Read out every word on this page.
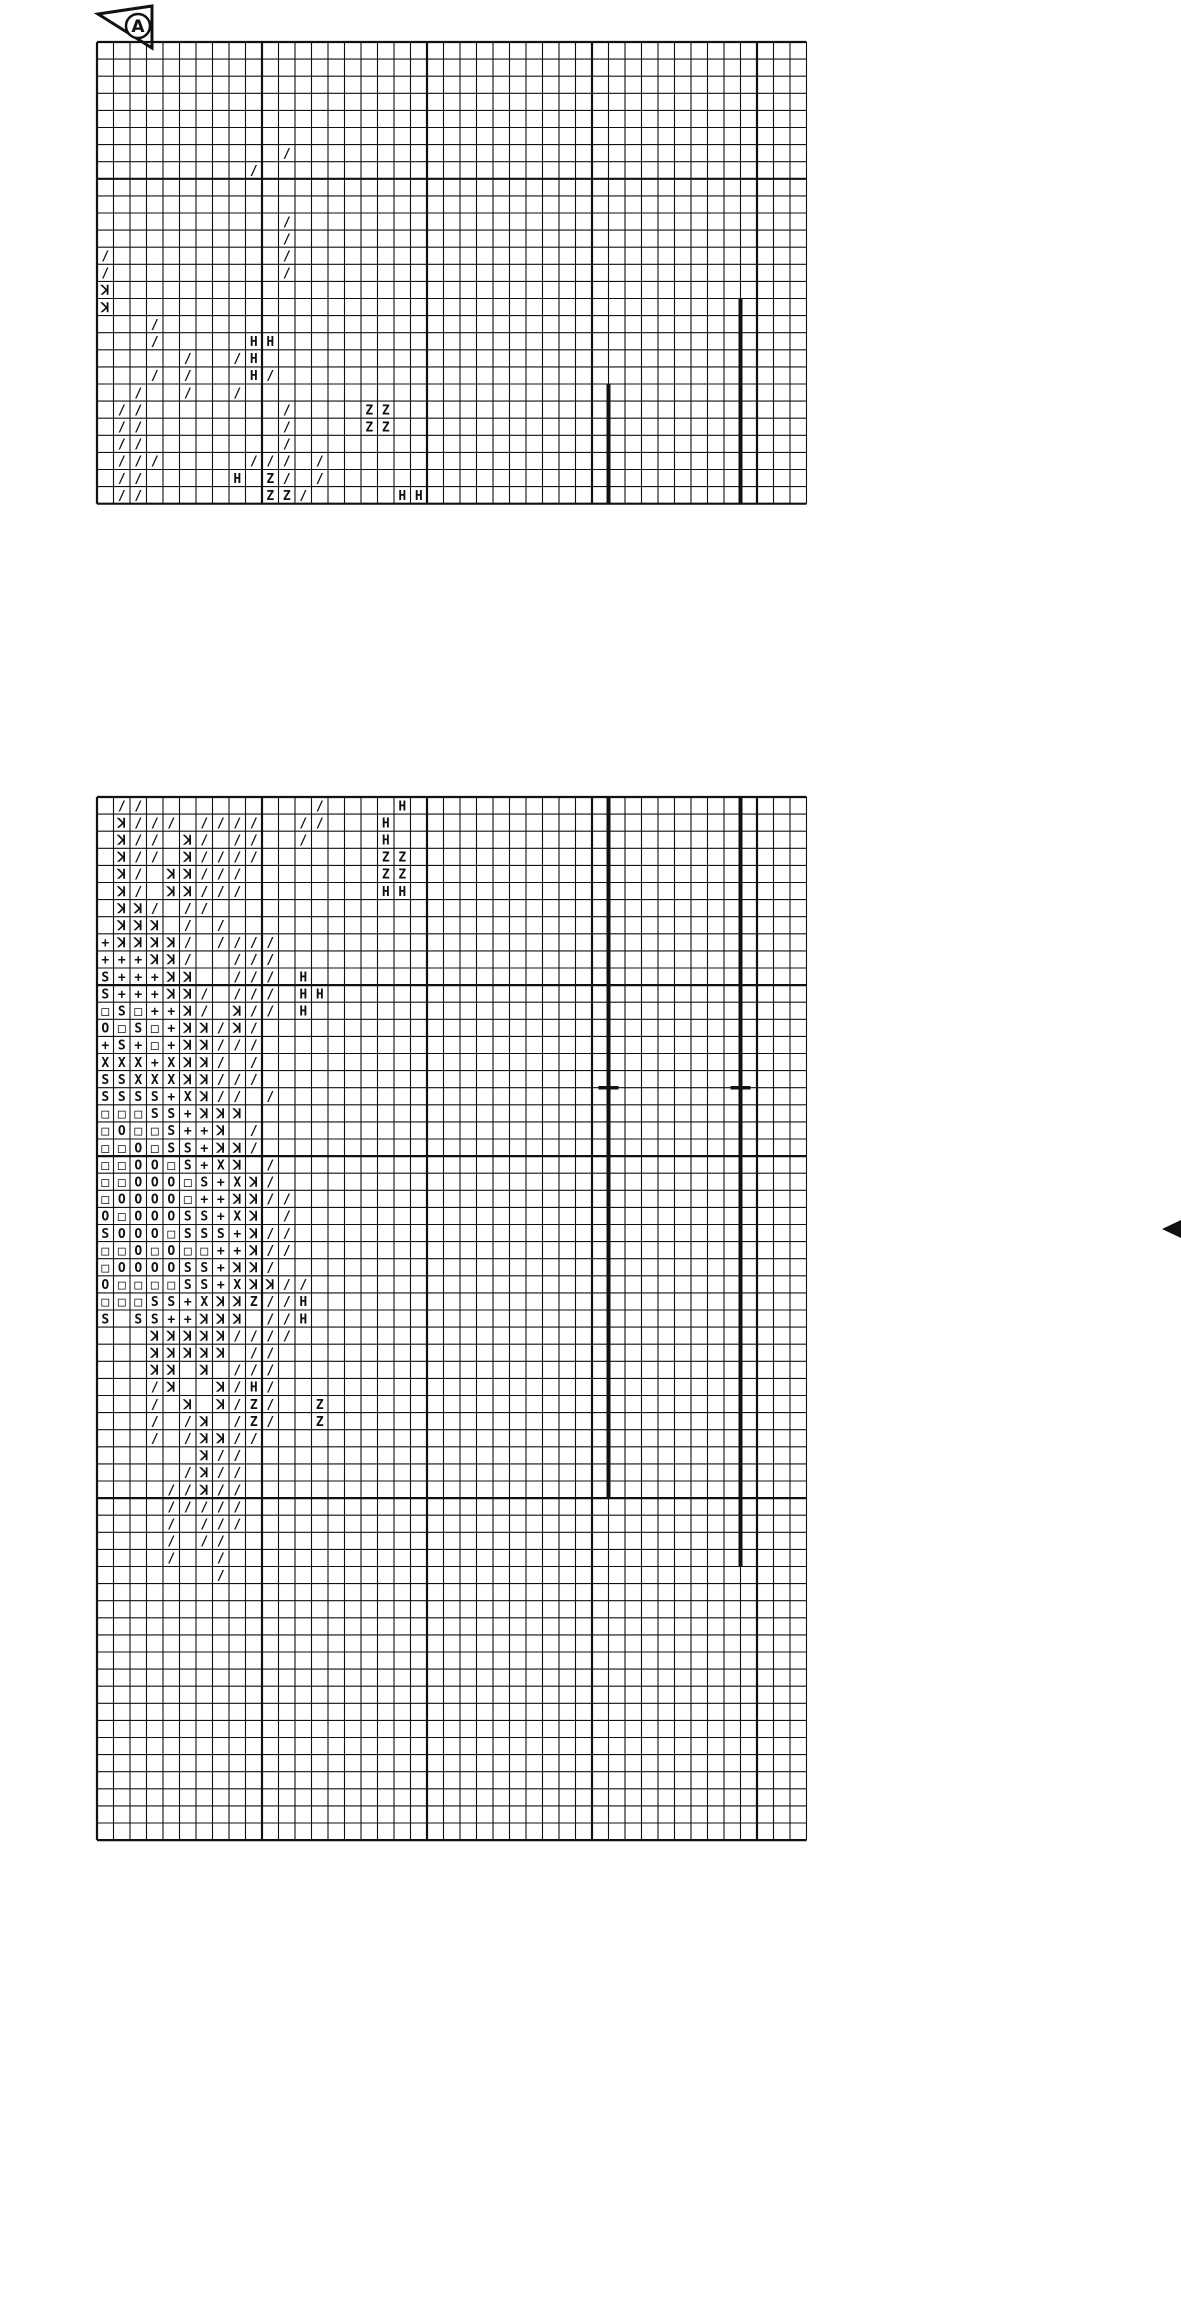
A
/
/
/
/
/
/
/
/
ꓘ
ꓘ
/
/
/
/
/
/
/
/
H H
H
H /
/
/ /
/ /
/ /
/ / /
/ /
/ /
/
/
/
/
/ /
H Z /
Z Z /
/
/
Z Z
Z Z
H H
/ /	/	H
ꓘ / / / / / / /	/ /	H
ꓘ / / ꓘ / / /	/	H
ꓘ / / ꓘ / / / /	Z Z
ꓘ / ꓘ ꓘ / / /	Z Z
ꓘ / ꓘ ꓘ / / /	H H
ꓘ ꓘ / / /
ꓘ ꓘ ꓘ / /
+ ꓘ ꓘ ꓘ ꓘ / / / / /
+ + + ꓘ ꓘ /	/ / /
S + + + ꓘ ꓘ	/ / / H
S + + + ꓘ ꓘ / / / / H H
□ S □ + + ꓘ / ꓘ / / H
O □ S □ + ꓘ ꓘ / ꓘ /
+ S + □ + ꓘ ꓘ / / /
X X X + X ꓘ ꓘ / /
S S X X X ꓘ ꓘ / / /
S S S S + X ꓘ / / /
□ □ □ S S + ꓘ ꓘ ꓘ
□ O □ □ S + + ꓘ /
□ □ O □ S S + ꓘ ꓘ /
□ □ O O □ S + X ꓘ /
□ □ O O O □ S + X ꓘ /
□ O O O O □ + + ꓘ ꓘ / /
O □ O O O S S + X ꓘ /
S O O O □ S S S + ꓘ / /
□ □ O □ O □ □ + + ꓘ / /
□ O O O O S S + ꓘ ꓘ /
O □ □ □ □ S S + X ꓘ ꓘ / /
□ □ □ S S + X ꓘ ꓘ Z / / H
S S S + + ꓘ ꓘ ꓘ / / H
ꓘ ꓘ ꓘ ꓘ ꓘ / / / /
ꓘ ꓘ ꓘ ꓘ ꓘ / /
ꓘ ꓘ ꓘ / / /
/ ꓘ	ꓘ / H /
/ ꓘ ꓘ / Z /	Z
/ / ꓘ / Z /	Z
/ / ꓘ ꓘ / /
ꓘ / /
/ ꓘ / /
/ / ꓘ / /
/ / / / /
/ / / /
/ / /
/	/
/
